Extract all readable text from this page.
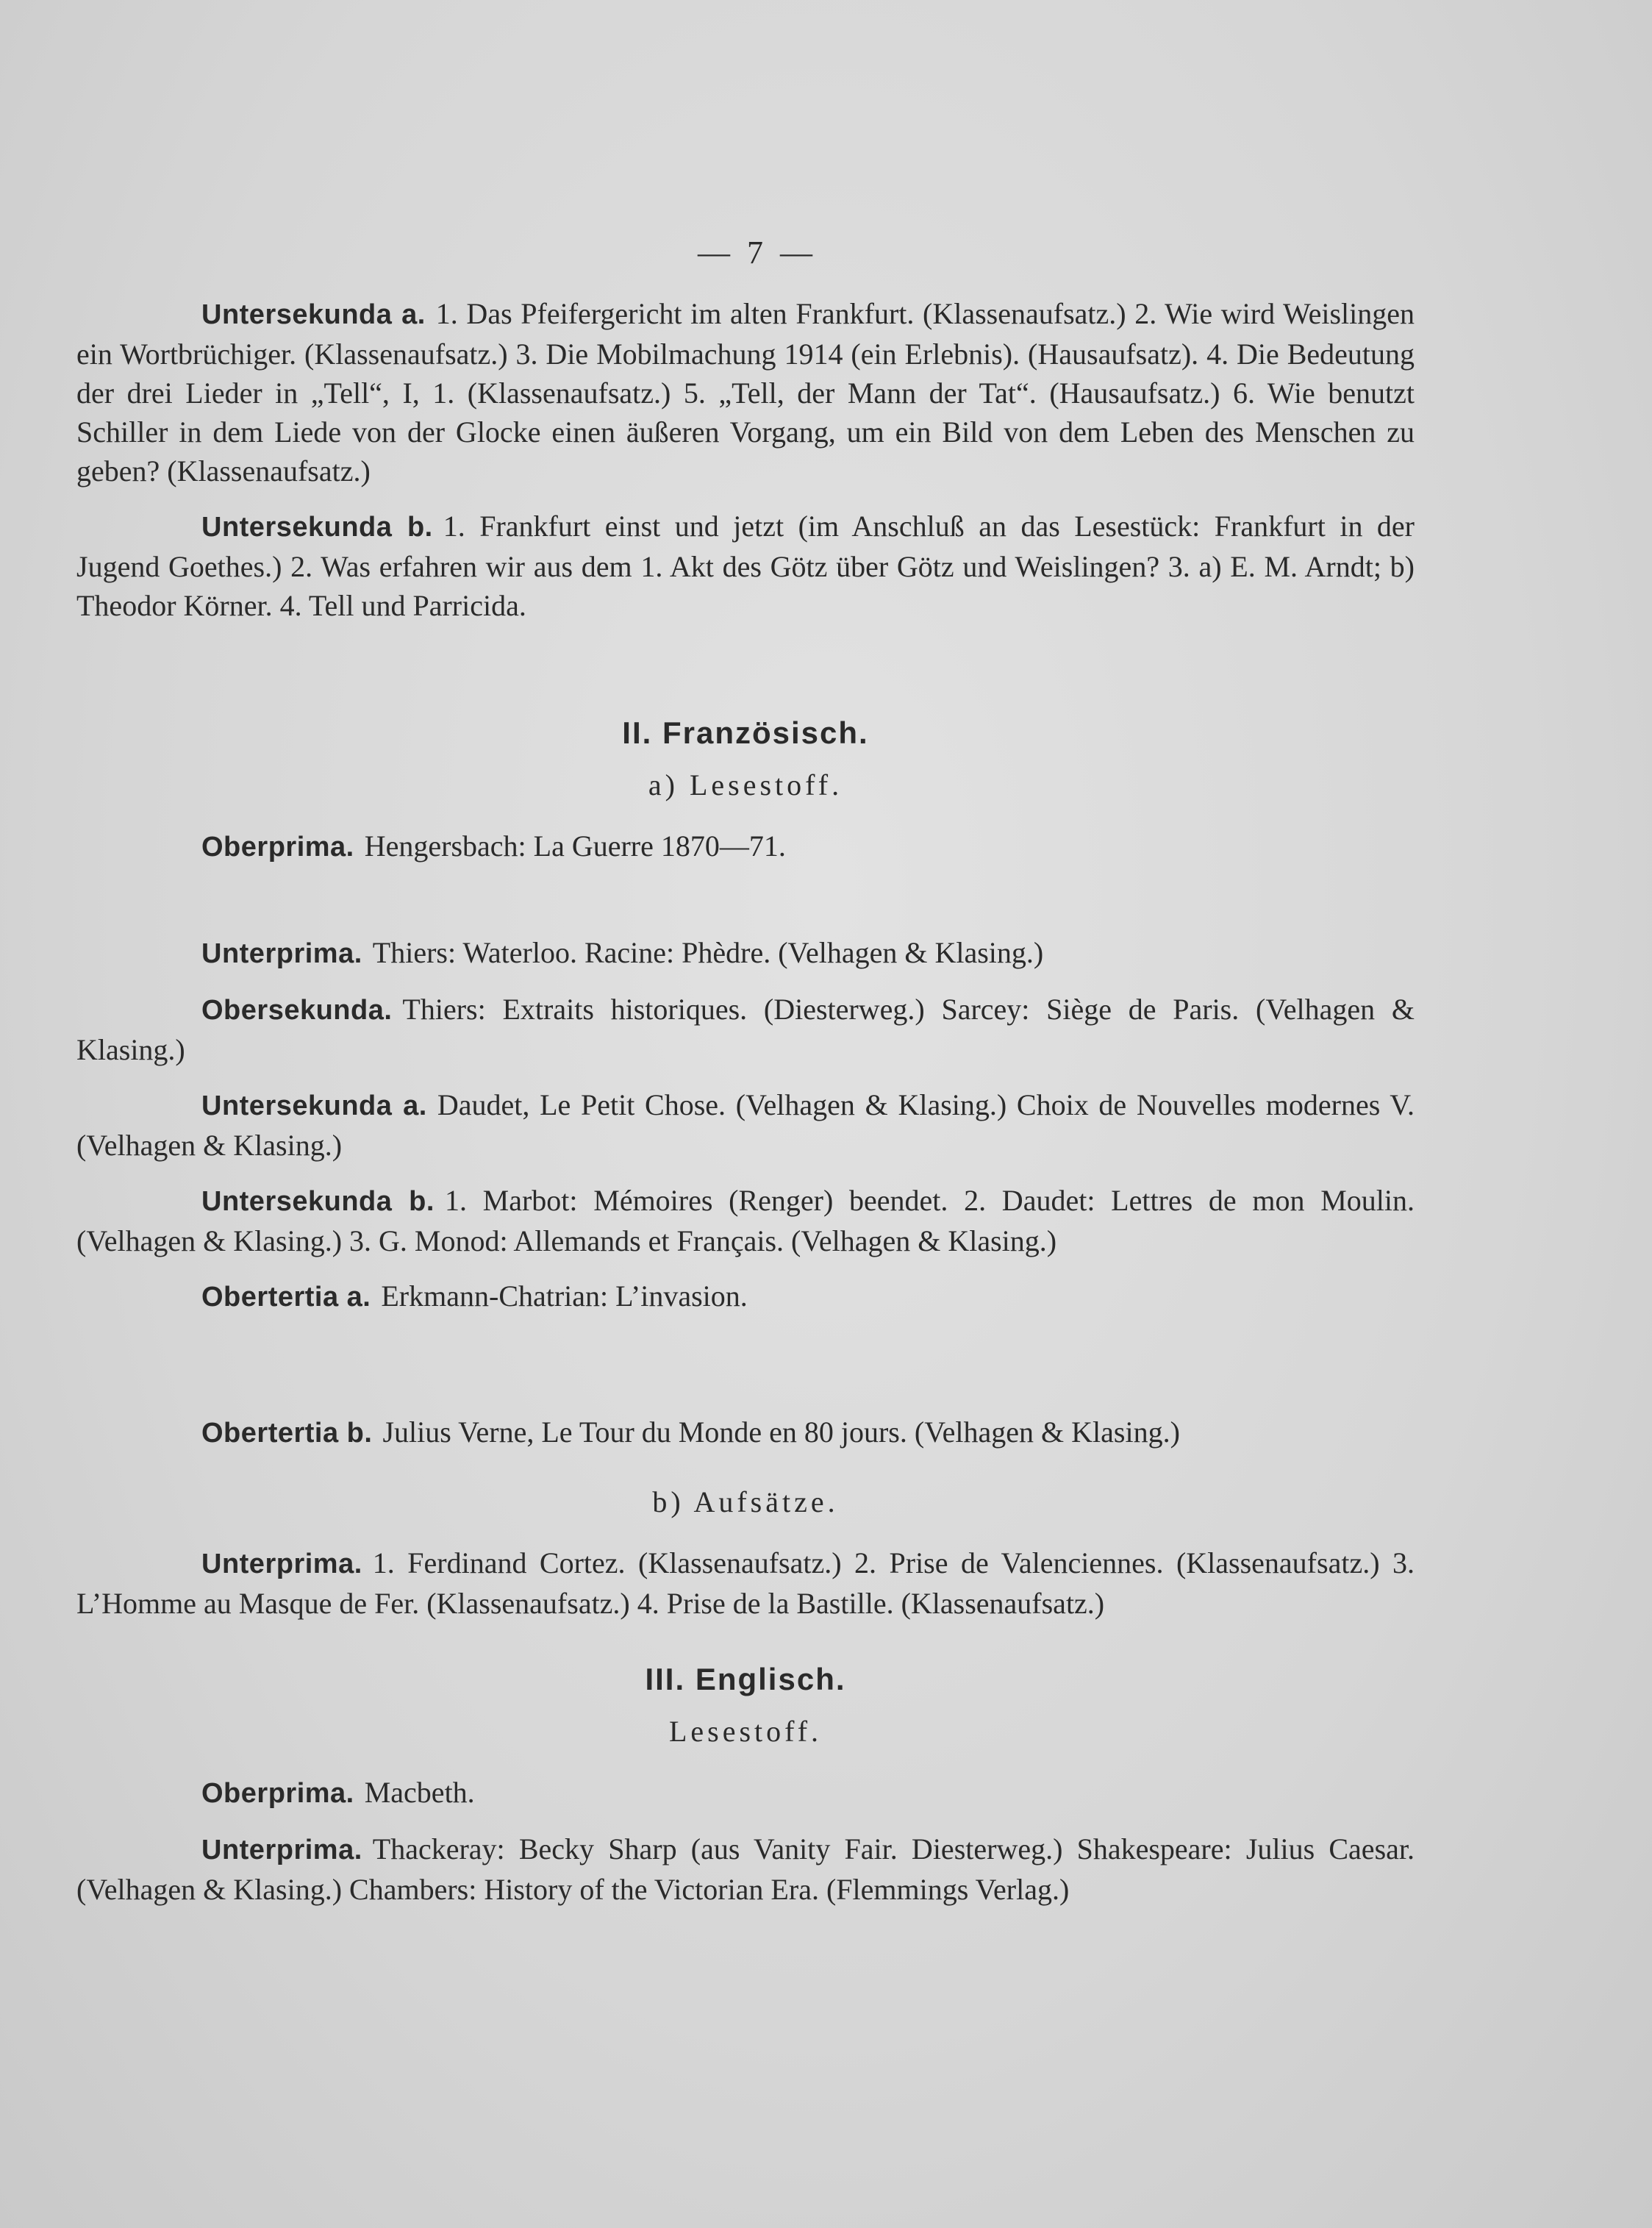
— 7 —

Untersekunda a. 1. Das Pfeifergericht im alten Frankfurt. (Klassenaufsatz.) 2. Wie wird Weislingen ein Wortbrüchiger. (Klassenaufsatz.) 3. Die Mobilmachung 1914 (ein Erlebnis). (Hausaufsatz). 4. Die Bedeutung der drei Lieder in „Tell“, I, 1. (Klassenaufsatz.) 5. „Tell, der Mann der Tat“. (Hausaufsatz.) 6. Wie benutzt Schiller in dem Liede von der Glocke einen äußeren Vorgang, um ein Bild von dem Leben des Menschen zu geben? (Klassenaufsatz.)

Untersekunda b. 1. Frankfurt einst und jetzt (im Anschluß an das Lesestück: Frankfurt in der Jugend Goethes.) 2. Was erfahren wir aus dem 1. Akt des Götz über Götz und Weislingen? 3. a) E. M. Arndt; b) Theodor Körner. 4. Tell und Parricida.

II. Französisch.
a) Lesestoff.

Oberprima. Hengersbach: La Guerre 1870—71.

Unterprima. Thiers: Waterloo. Racine: Phèdre. (Velhagen & Klasing.)

Obersekunda. Thiers: Extraits historiques. (Diesterweg.) Sarcey: Siège de Paris. (Velhagen & Klasing.)

Untersekunda a. Daudet, Le Petit Chose. (Velhagen & Klasing.) Choix de Nouvelles modernes V. (Velhagen & Klasing.)

Untersekunda b. 1. Marbot: Mémoires (Renger) beendet. 2. Daudet: Lettres de mon Moulin. (Velhagen & Klasing.) 3. G. Monod: Allemands et Français. (Velhagen & Klasing.)

Obertertia a. Erkmann-Chatrian: L’invasion.

Obertertia b. Julius Verne, Le Tour du Monde en 80 jours. (Velhagen & Klasing.)

b) Aufsätze.

Unterprima. 1. Ferdinand Cortez. (Klassenaufsatz.) 2. Prise de Valenciennes. (Klassenaufsatz.) 3. L’Homme au Masque de Fer. (Klassenaufsatz.) 4. Prise de la Bastille. (Klassenaufsatz.)

III. Englisch.
Lesestoff.

Oberprima. Macbeth.

Unterprima. Thackeray: Becky Sharp (aus Vanity Fair. Diesterweg.) Shakespeare: Julius Caesar. (Velhagen & Klasing.) Chambers: History of the Victorian Era. (Flemmings Verlag.)
